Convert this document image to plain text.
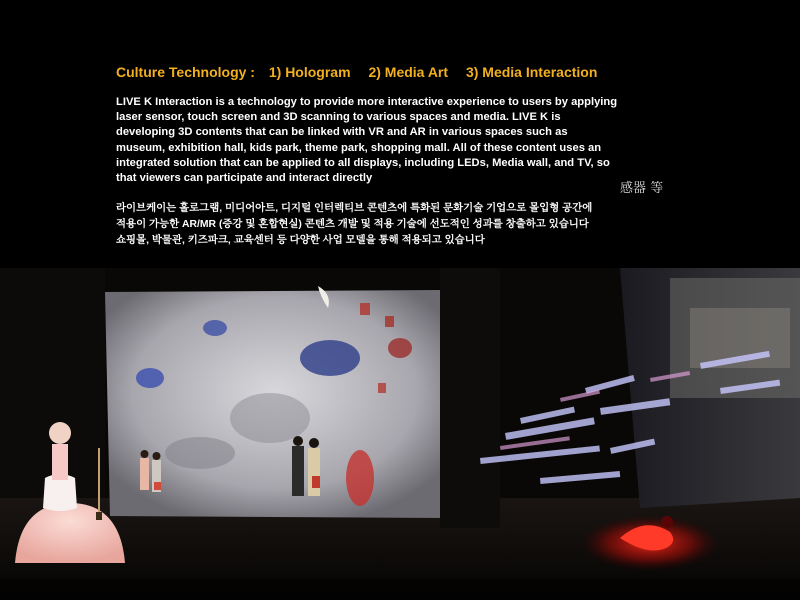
Culture Technology : 1) Hologram 2) Media Art 3) Media Interaction

LIVE K Interaction is a technology to provide more interactive experience to users by applying laser sensor, touch screen and 3D scanning to various spaces and media. LIVE K is developing 3D contents that can be linked with VR and AR in various spaces such as museum, exhibition hall, kids park, theme park, shopping mall. All of these content uses an integrated solution that can be applied to all displays, including LEDs, Media wall, and TV, so that viewers can participate and interact directly

感器 等
라이브케이는 홀로그램, 미디어아트, 디지털 인터렉티브 콘텐츠에 특화된 문화기술 기업으로 몰입형 공간에
적용이 가능한 AR/MR (증강 및 혼합현실) 콘텐츠 개발 및 적용 기술에 선도적인 성과를 창출하고 있습니다
쇼핑몰, 박물관, 키즈파크, 교육센터 등 다양한 사업 모델을 통해 적용되고 있습니다
